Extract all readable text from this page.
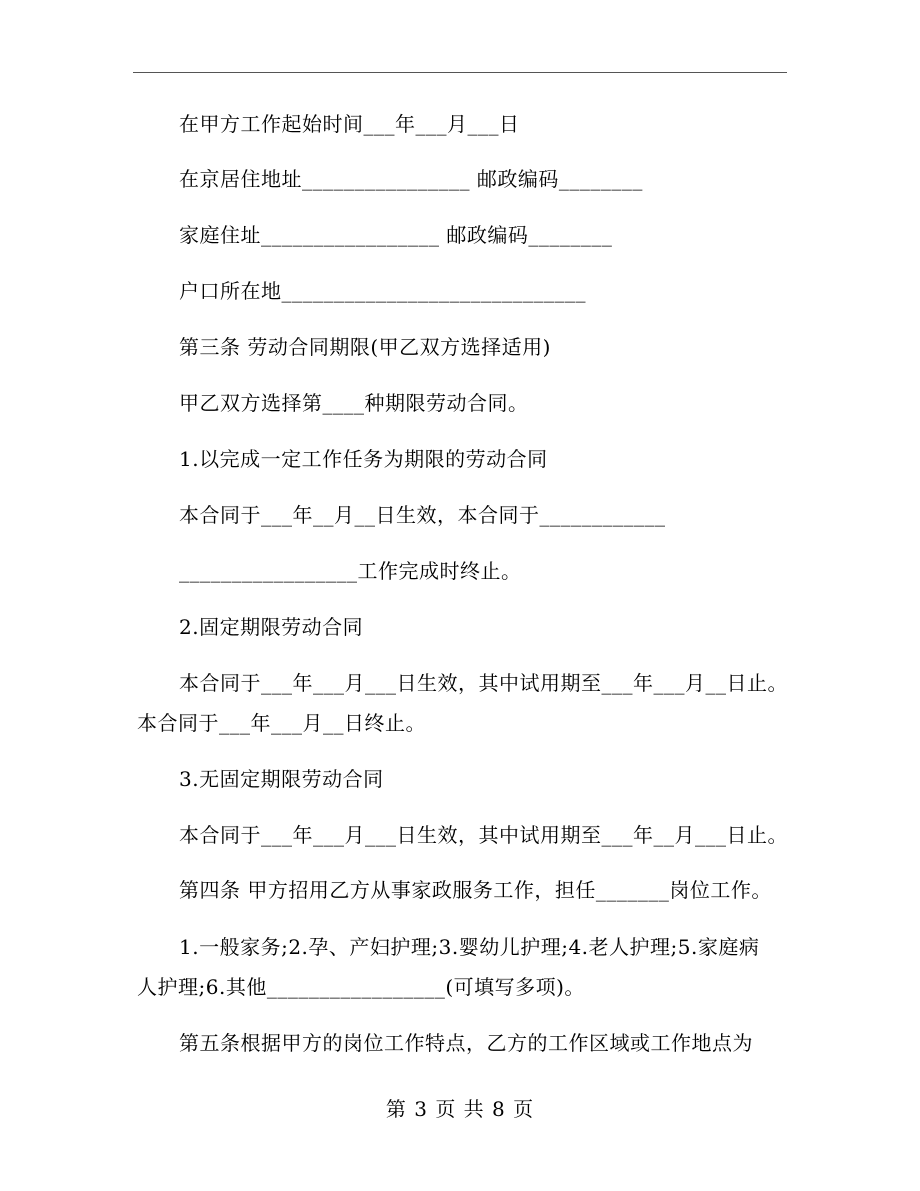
在甲方工作起始时间___年___月___日
在京居住地址________________ 邮政编码________
家庭住址_________________ 邮政编码________
户口所在地_____________________________
第三条 劳动合同期限(甲乙双方选择适用)
甲乙双方选择第____种期限劳动合同。
1.以完成一定工作任务为期限的劳动合同
本合同于___年__月__日生效，本合同于____________
_________________工作完成时终止。
2.固定期限劳动合同
本合同于___年___月___日生效，其中试用期至___年___月__日止。
本合同于___年___月__日终止。
3.无固定期限劳动合同
本合同于___年___月___日生效，其中试用期至___年__月___日止。
第四条 甲方招用乙方从事家政服务工作，担任_______岗位工作。
1.一般家务;2.孕、产妇护理;3.婴幼儿护理;4.老人护理;5.家庭病
人护理;6.其他_________________(可填写多项)。
第五条根据甲方的岗位工作特点，乙方的工作区域或工作地点为
第 3 页 共 8 页
